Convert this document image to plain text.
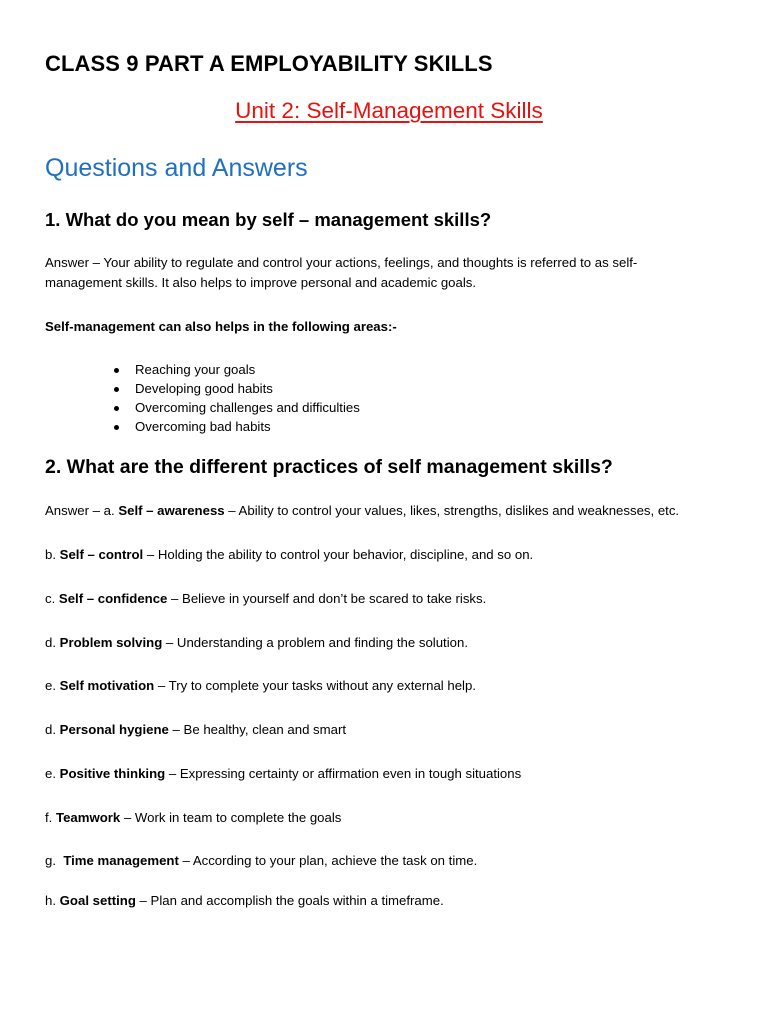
CLASS 9 PART A EMPLOYABILITY SKILLS
Unit 2: Self-Management Skills
Questions and Answers
1. What do you mean by self – management skills?
Answer – Your ability to regulate and control your actions, feelings, and thoughts is referred to as self-
management skills. It also helps to improve personal and academic goals.
Self-management can also helps in the following areas:-
Reaching your goals
Developing good habits
Overcoming challenges and difficulties
Overcoming bad habits
2. What are the different practices of self management skills?
Answer – a. Self – awareness – Ability to control your values, likes, strengths, dislikes and weaknesses, etc.
b. Self – control – Holding the ability to control your behavior, discipline, and so on.
c. Self – confidence – Believe in yourself and don’t be scared to take risks.
d. Problem solving – Understanding a problem and finding the solution.
e. Self motivation – Try to complete your tasks without any external help.
d. Personal hygiene – Be healthy, clean and smart
e. Positive thinking – Expressing certainty or affirmation even in tough situations
f. Teamwork – Work in team to complete the goals
g.  Time management – According to your plan, achieve the task on time.
h. Goal setting – Plan and accomplish the goals within a timeframe.
